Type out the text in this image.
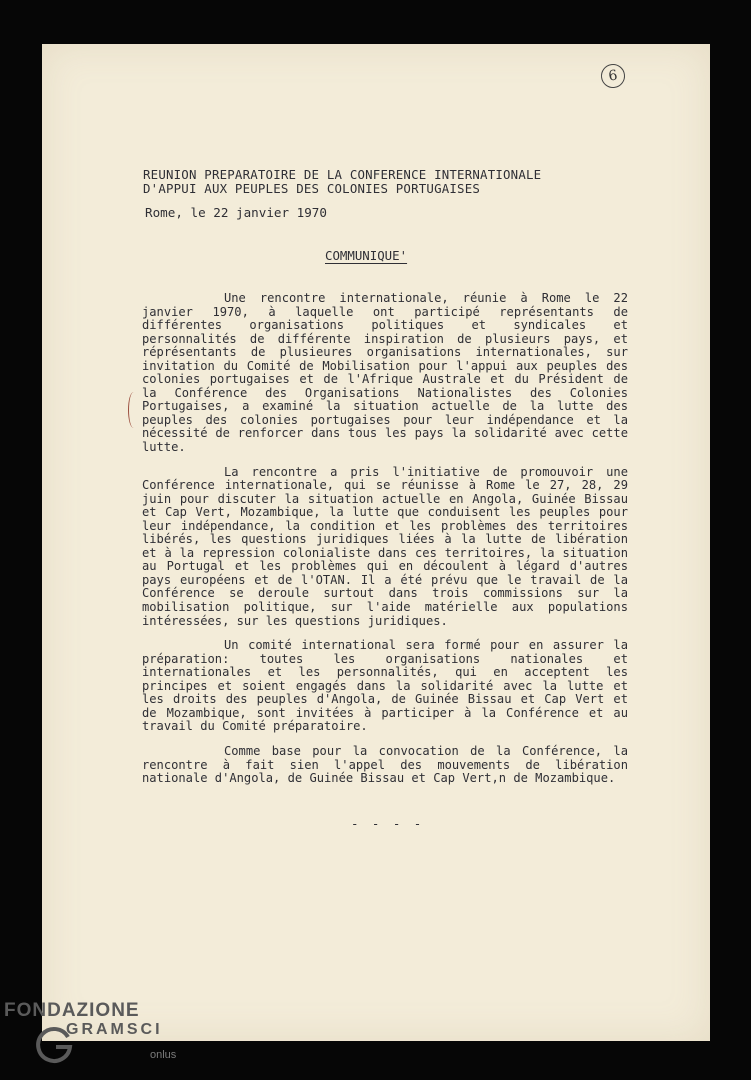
6
REUNION PREPARATOIRE DE LA CONFERENCE INTERNATIONALE
D'APPUI AUX PEUPLES DES COLONIES PORTUGAISES
Rome, le 22 janvier 1970
COMMUNIQUE'

Une rencontre internationale, réunie à Rome le 22 janvier 1970, à laquelle ont participé représentants de différentes organisations politiques et syndicales et personnalités de différente inspiration de plusieurs pays, et réprésentants de plusieures organisations internationales, sur invitation du Comité de Mobilisation pour l'appui aux peuples des colonies portugaises et de l'Afrique Australe et du Président de la Conférence des Organisations Nationalistes des Colonies Portugaises, a examiné la situation actuelle de la lutte des peuples des colonies portugaises pour leur indépendance et la nécessité de renforcer dans tous les pays la solidarité avec cette lutte.

La rencontre a pris l'initiative de promouvoir une Conférence internationale, qui se réunisse à Rome le 27, 28, 29 juin pour discuter la situation actuelle en Angola, Guinée Bissau et Cap Vert, Mozambique, la lutte que conduisent les peuples pour leur indépendance, la condition et les problèmes des territoires libérés, les questions juridiques liées à la lutte de libération et à la repression colonialiste dans ces territoires, la situation au Portugal et les problèmes qui en découlent à légard d'autres pays européens et de l'OTAN. Il a été prévu que le travail de la Conférence se deroule surtout dans trois commissions sur la mobilisation politique, sur l'aide matérielle aux populations intéressées, sur les questions juridiques.

Un comité international sera formé pour en assurer la préparation: toutes les organisations nationales et internationales et les personnalités, qui en acceptent les principes et soient engagés dans la solidarité avec la lutte et les droits des peuples d'Angola, de Guinée Bissau et Cap Vert et de Mozambique, sont invitées à participer à la Conférence et au travail du Comité préparatoire.

Comme base pour la convocation de la Conférence, la rencontre à fait sien l'appel des mouvements de libération nationale d'Angola, de Guinée Bissau et Cap Vert,n de Mozambique.

- - - -
FONDAZIONE
GRAMSCI
onlus
